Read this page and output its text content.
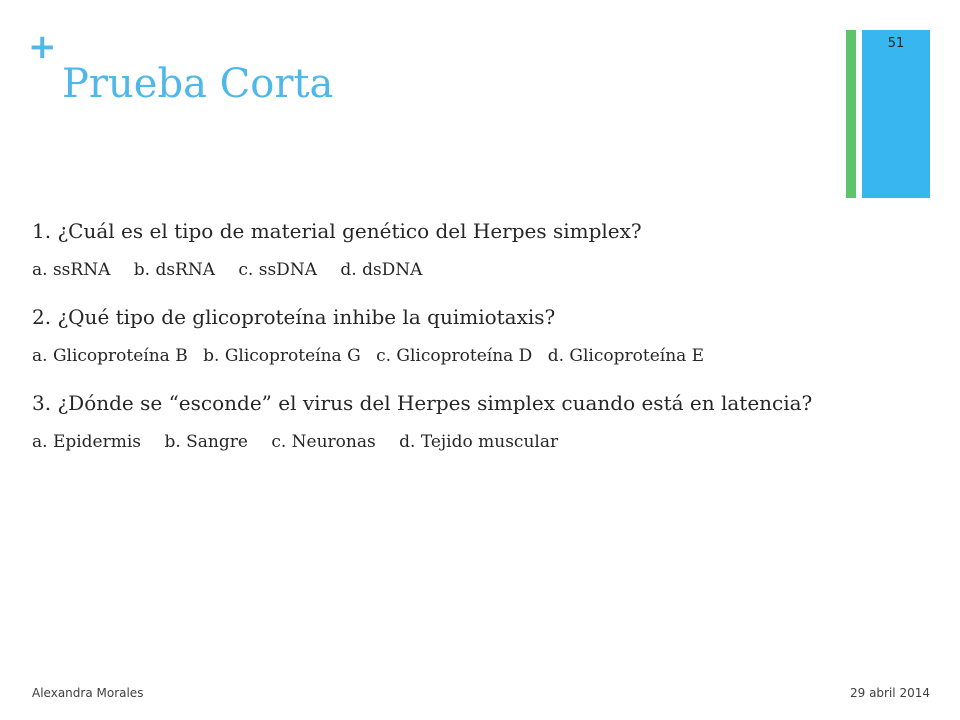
+
Prueba Corta
51

1. ¿Cuál es el tipo de material genético del Herpes simplex?

a. ssRNA b. dsRNA c. ssDNA d. dsDNA

2. ¿Qué tipo de glicoproteína inhibe la quimiotaxis?

a. Glicoproteína B b. Glicoproteína G c. Glicoproteína D d. Glicoproteína E

3. ¿Dónde se “esconde” el virus del Herpes simplex cuando está en latencia?

a. Epidermis b. Sangre c. Neuronas d. Tejido muscular

Alexandra Morales	29 abril 2014
